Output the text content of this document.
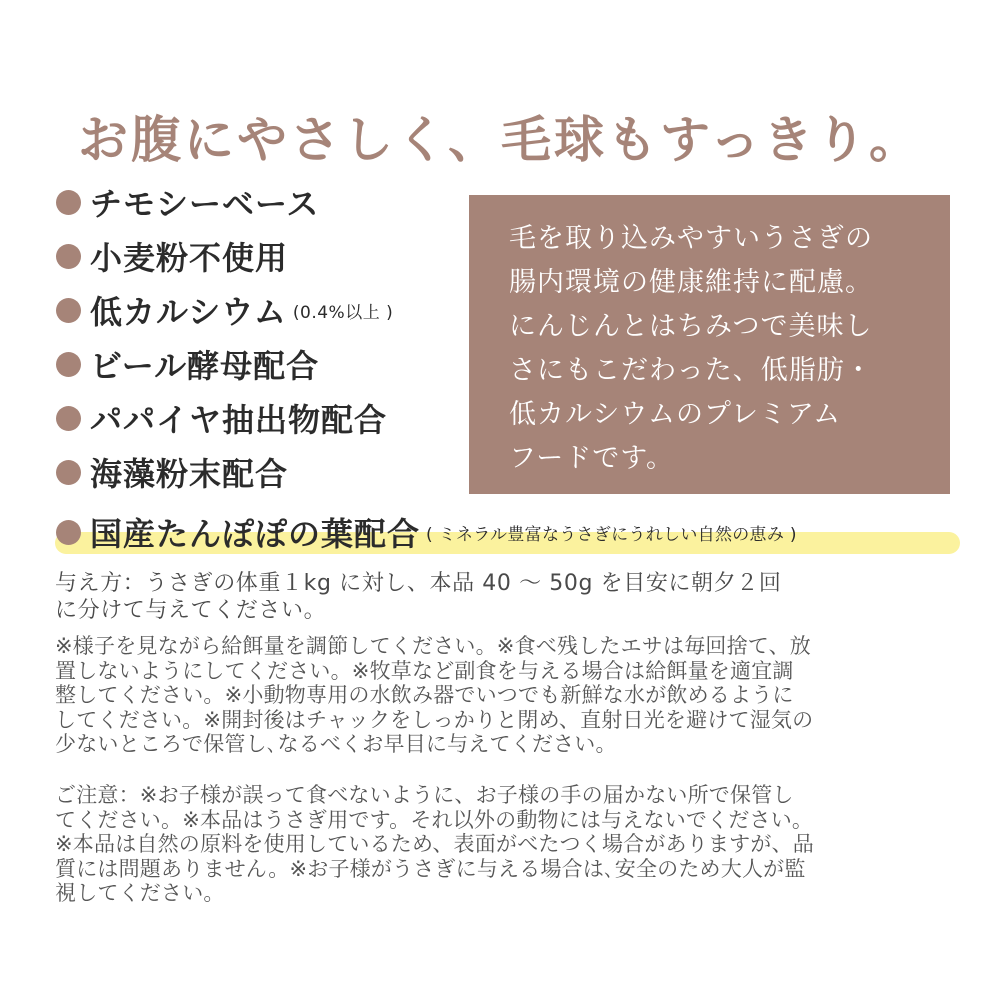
お腹にやさしく、毛球もすっきり。
チモシーベース
小麦粉不使用
低カルシウム (0.4%以上 )
ビール酵母配合
パパイヤ抽出物配合
海藻粉末配合
国産たんぽぽの葉配合 ( ミネラル豊富なうさぎにうれしい自然の恵み )
毛を取り込みやすいうさぎの
腸内環境の健康維持に配慮。
にんじんとはちみつで美味し
さにもこだわった、低脂肪・
低カルシウムのプレミアム
フードです。
与え方：うさぎの体重１kg に対し、本品 40 〜 50g を目安に朝夕２回
に分けて与えてください。
※様子を見ながら給餌量を調節してください。※食べ残したエサは毎回捨て、放
置しないようにしてください。※牧草など副食を与える場合は給餌量を適宜調
整してください。※小動物専用の水飲み器でいつでも新鮮な水が飲めるように
してください。※開封後はチャックをしっかりと閉め、直射日光を避けて湿気の
少ないところで保管し､なるべくお早目に与えてください。
ご注意：※お子様が誤って食べないように、お子様の手の届かない所で保管し
てください。※本品はうさぎ用です。それ以外の動物には与えないでください。
※本品は自然の原料を使用しているため、表面がべたつく場合がありますが、品
質には問題ありません。※お子様がうさぎに与える場合は､安全のため大人が監
視してください。
